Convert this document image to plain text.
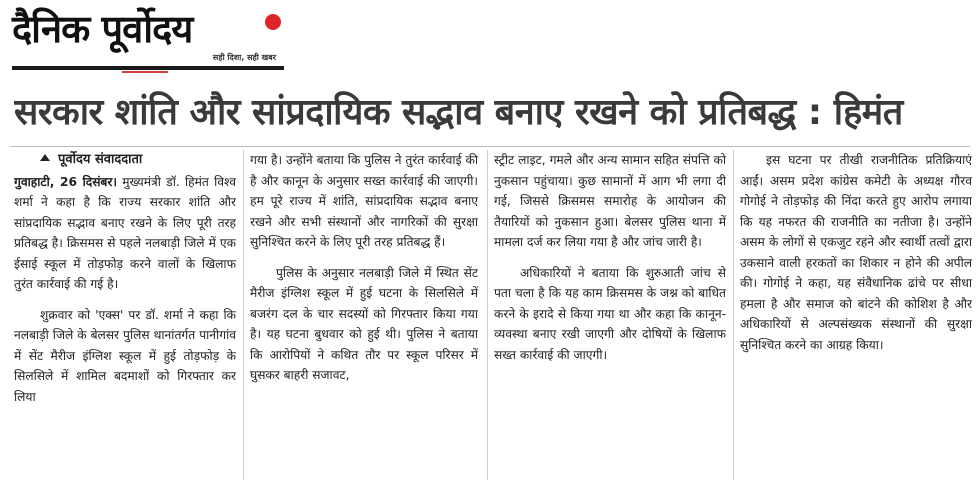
दैनिक पूर्वोदय
सही दिशा, सही खबर
सरकार शांति और सांप्रदायिक सद्भाव बनाए रखने को प्रतिबद्ध : हिमंत
पूर्वोदय संवाददाता

गुवाहाटी, 26 दिसंबर। मुख्यमंत्री डॉ. हिमंत विश्व शर्मा ने कहा है कि राज्य सरकार शांति और सांप्रदायिक सद्भाव बनाए रखने के लिए पूरी तरह प्रतिबद्ध है। क्रिसमस से पहले नलबाड़ी जिले में एक ईसाई स्कूल में तोड़फोड़ करने वालों के खिलाफ तुरंत कार्रवाई की गई है।

शुक्रवार को 'एक्स' पर डॉ. शर्मा ने कहा कि नलबाड़ी जिले के बेलसर पुलिस थानांतर्गत पानीगांव में सेंट मैरीज इंग्लिश स्कूल में हुई तोड़फोड़ के सिलसिले में शामिल बदमाशों को गिरफ्तार कर लिया

गया है। उन्होंने बताया कि पुलिस ने तुरंत कार्रवाई की है और कानून के अनुसार सख्त कार्रवाई की जाएगी। हम पूरे राज्य में शांति, सांप्रदायिक सद्भाव बनाए रखने और सभी संस्थानों और नागरिकों की सुरक्षा सुनिश्चित करने के लिए पूरी तरह प्रतिबद्ध हैं।

पुलिस के अनुसार नलबाड़ी जिले में स्थित सेंट मैरीज इंग्लिश स्कूल में हुई घटना के सिलसिले में बजरंग दल के चार सदस्यों को गिरफ्तार किया गया है। यह घटना बुधवार को हुई थी। पुलिस ने बताया कि आरोपियों ने कथित तौर पर स्कूल परिसर में घुसकर बाहरी सजावट,

स्ट्रीट लाइट, गमले और अन्य सामान सहित संपत्ति को नुकसान पहुंचाया। कुछ सामानों में आग भी लगा दी गई, जिससे क्रिसमस समारोह के आयोजन की तैयारियों को नुकसान हुआ। बेलसर पुलिस थाना में मामला दर्ज कर लिया गया है और जांच जारी है।

अधिकारियों ने बताया कि शुरुआती जांच से पता चला है कि यह काम क्रिसमस के जश्न को बाधित करने के इरादे से किया गया था और कहा कि कानून-व्यवस्था बनाए रखी जाएगी और दोषियों के खिलाफ सख्त कार्रवाई की जाएगी।

इस घटना पर तीखी राजनीतिक प्रतिक्रियाएं आईं। असम प्रदेश कांग्रेस कमेटी के अध्यक्ष गौरव गोगोई ने तोड़फोड़ की निंदा करते हुए आरोप लगाया कि यह नफरत की राजनीति का नतीजा है। उन्होंने असम के लोगों से एकजुट रहने और स्वार्थी तत्वों द्वारा उकसाने वाली हरकतों का शिकार न होने की अपील की। गोगोई ने कहा, यह संवैधानिक ढांचे पर सीधा हमला है और समाज को बांटने की कोशिश है और अधिकारियों से अल्पसंख्यक संस्थानों की सुरक्षा सुनिश्चित करने का आग्रह किया।
